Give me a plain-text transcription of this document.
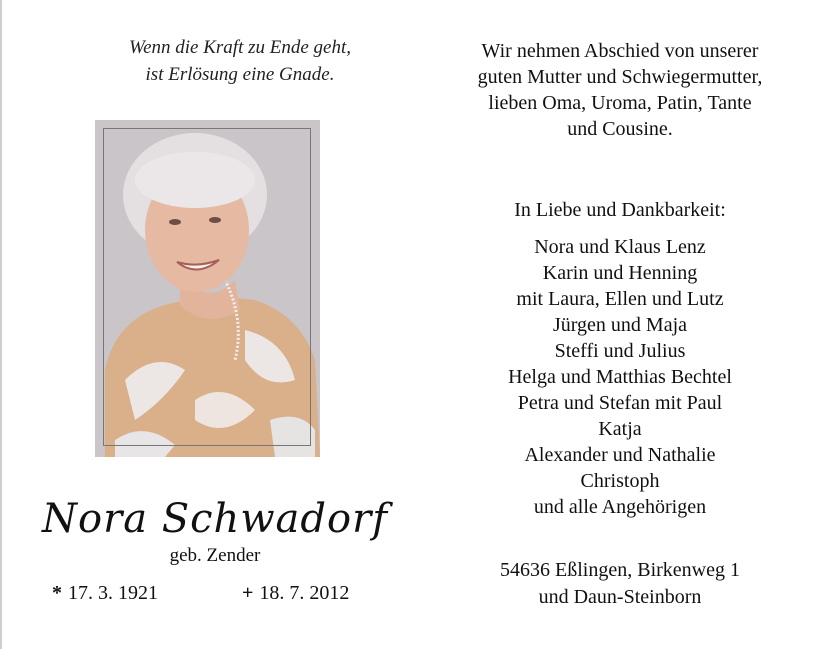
Wenn die Kraft zu Ende geht,
ist Erlösung eine Gnade.
Nora Schwadorf
geb. Zender
* 17. 3. 1921	+ 18. 7. 2012
Wir nehmen Abschied von unserer
guten Mutter und Schwiegermutter,
lieben Oma, Uroma, Patin, Tante
und Cousine.
In Liebe und Dankbarkeit:
Nora und Klaus Lenz
Karin und Henning
mit Laura, Ellen und Lutz
Jürgen und Maja
Steffi und Julius
Helga und Matthias Bechtel
Petra und Stefan mit Paul
Katja
Alexander und Nathalie
Christoph
und alle Angehörigen
54636 Eßlingen, Birkenweg 1
und Daun-Steinborn
